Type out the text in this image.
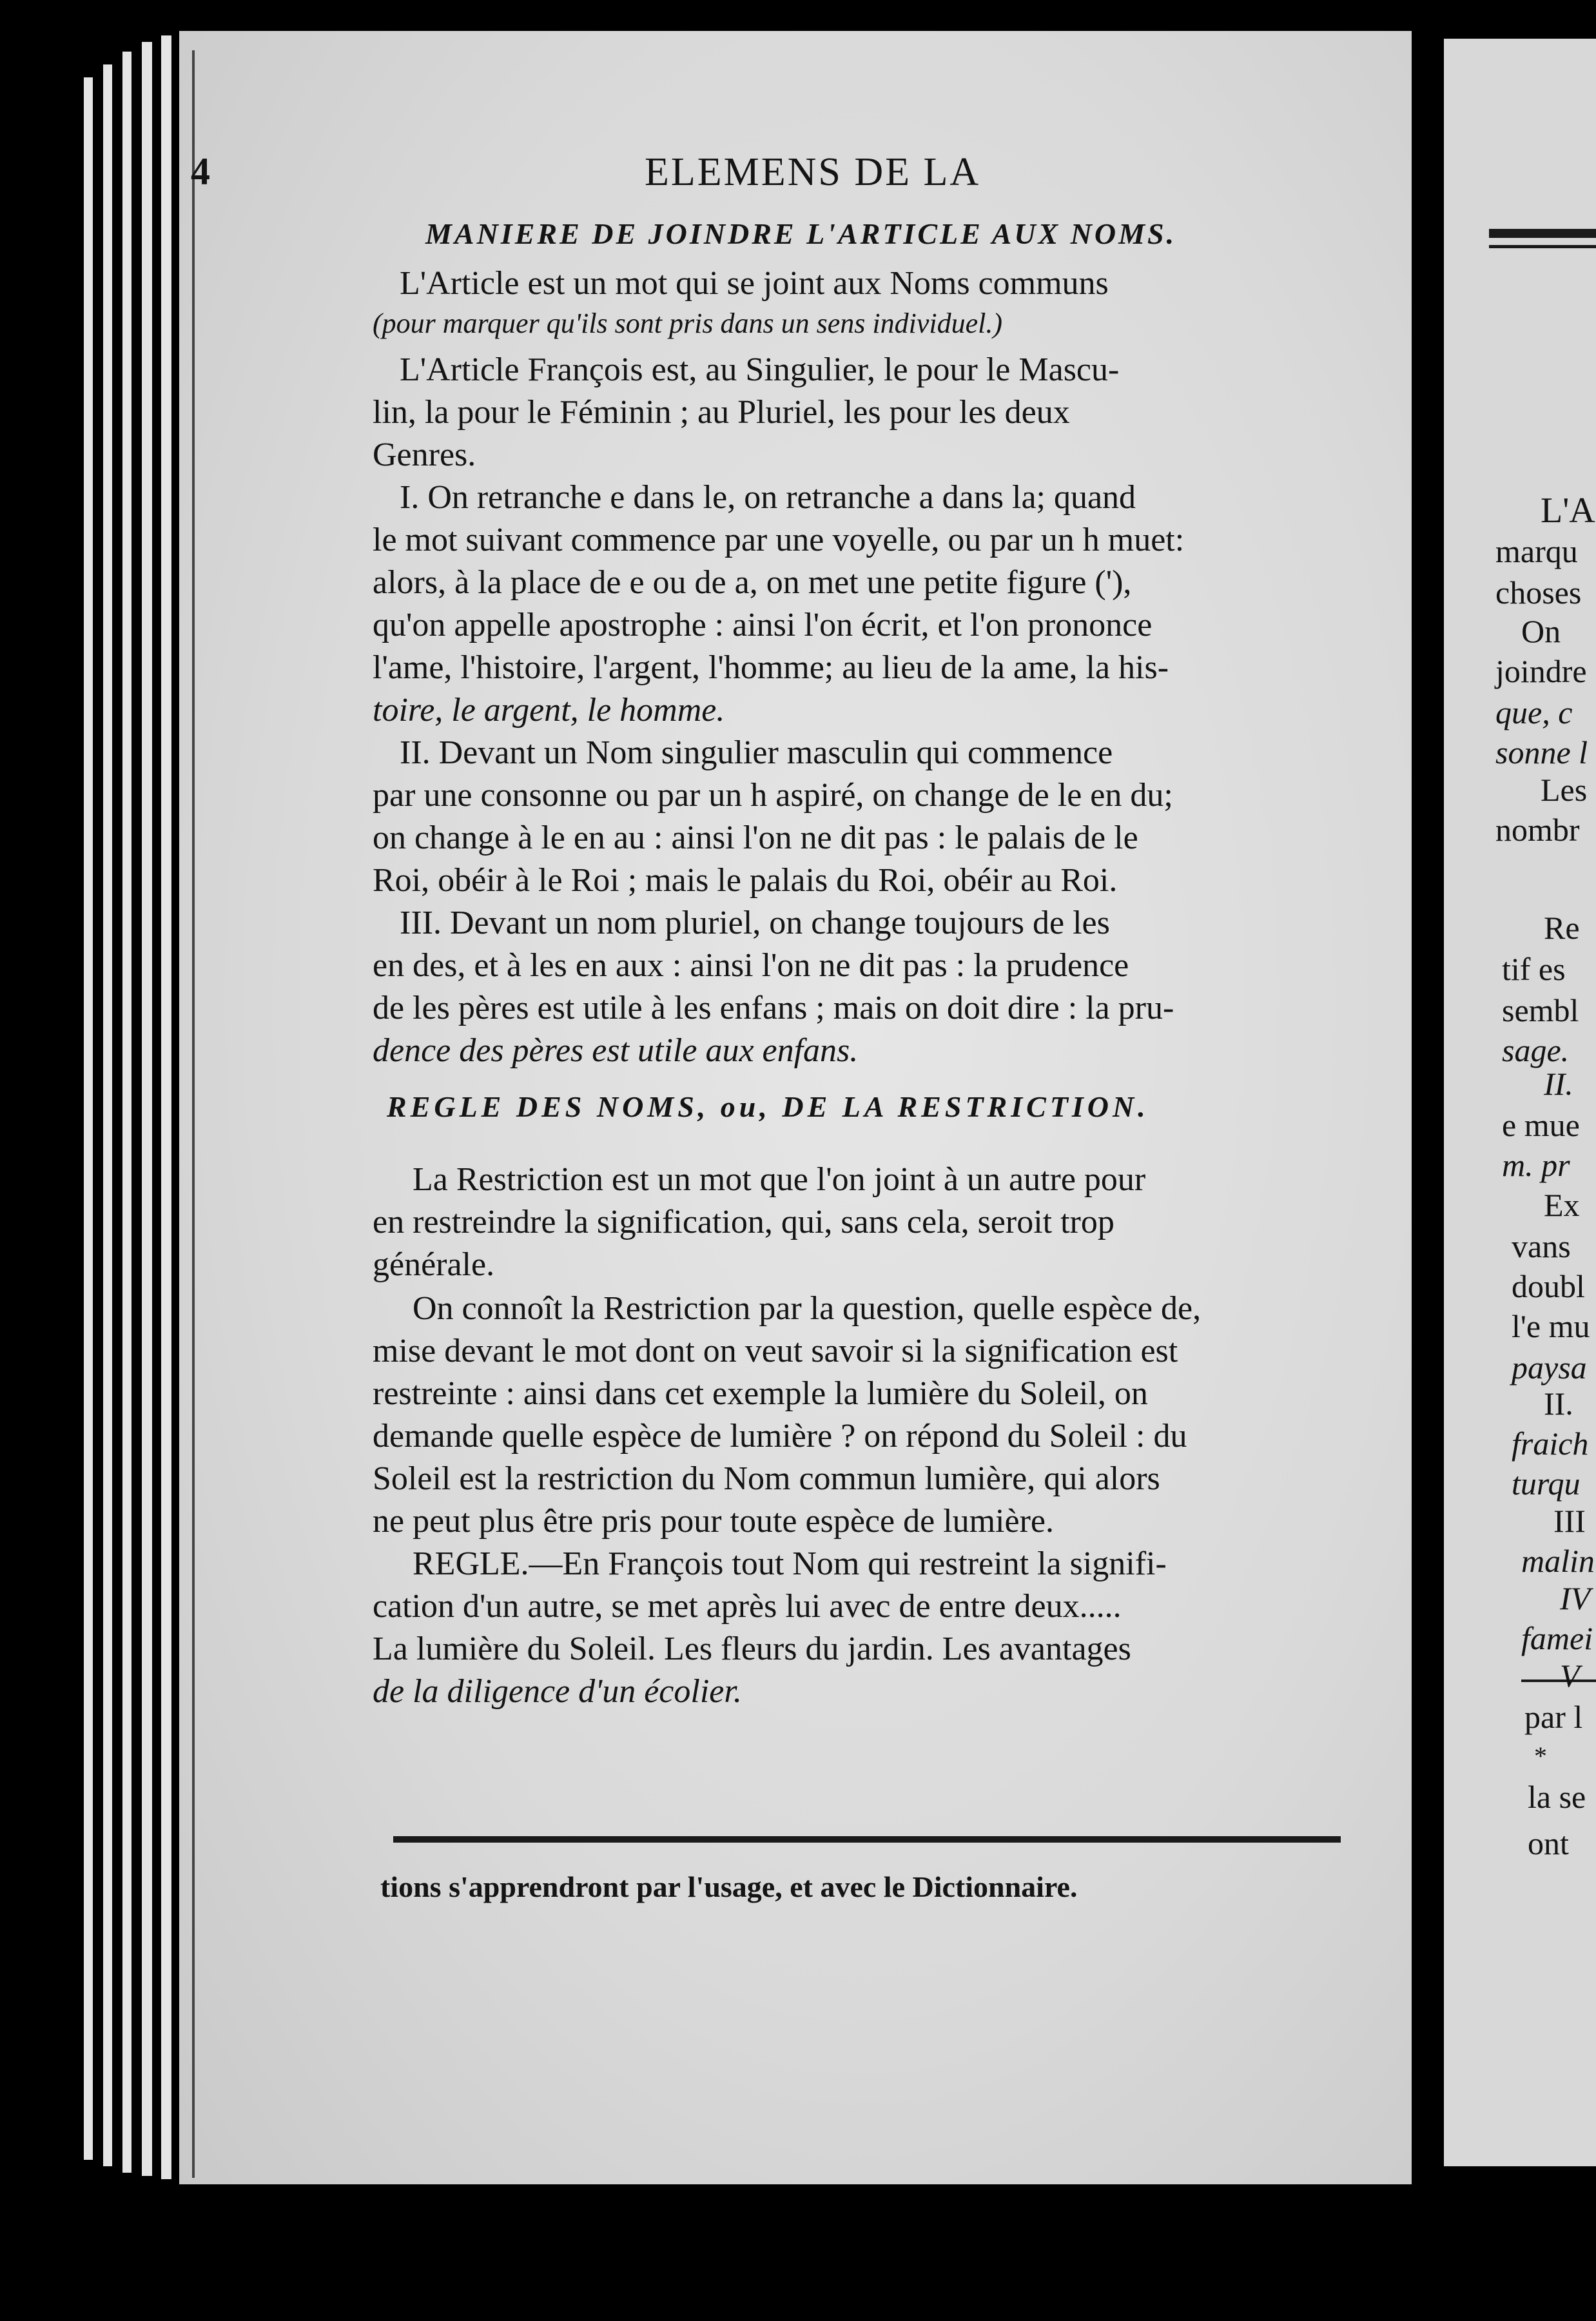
4	ELEMENS DE LA
MANIERE DE JOINDRE L'ARTICLE AUX NOMS.
L'Article est un mot qui se joint aux Noms communs
(pour marquer qu'ils sont pris dans un sens individuel.)
L'Article François est, au Singulier, le pour le Mascu-
lin, la pour le Féminin ; au Pluriel, les pour les deux
Genres.
I. On retranche e dans le, on retranche a dans la; quand
le mot suivant commence par une voyelle, ou par un h muet:
alors, à la place de e ou de a, on met une petite figure ('),
qu'on appelle apostrophe : ainsi l'on écrit, et l'on prononce
l'ame, l'histoire, l'argent, l'homme; au lieu de la ame, la his-
toire, le argent, le homme.
II. Devant un Nom singulier masculin qui commence
par une consonne ou par un h aspiré, on change de le en du;
on change à le en au : ainsi l'on ne dit pas : le palais de le
Roi, obéir à le Roi ; mais le palais du Roi, obéir au Roi.
III. Devant un nom pluriel, on change toujours de les
en des, et à les en aux : ainsi l'on ne dit pas : la prudence
de les pères est utile à les enfans ; mais on doit dire : la pru-
dence des pères est utile aux enfans.
REGLE DES NOMS, ou, DE LA RESTRICTION.
La Restriction est un mot que l'on joint à un autre pour
en restreindre la signification, qui, sans cela, seroit trop
générale.
On connoît la Restriction par la question, quelle espèce de,
mise devant le mot dont on veut savoir si la signification est
restreinte : ainsi dans cet exemple la lumière du Soleil, on
demande quelle espèce de lumière ? on répond du Soleil : du
Soleil est la restriction du Nom commun lumière, qui alors
ne peut plus être pris pour toute espèce de lumière.
REGLE.—En François tout Nom qui restreint la signifi-
cation d'un autre, se met après lui avec de entre deux.....
La lumière du Soleil. Les fleurs du jardin. Les avantages
de la diligence d'un écolier.
tions s'apprendront par l'usage, et avec le Dictionnaire.
L'A
marqu
choses
On
joindre
que, c
sonne l
Les
nombr
Re
tif es
sembl
sage.
II.
e mue
m. pr
Ex
vans
doubl
l'e mu
paysa
II.
fraich
turqu
III
malin
IV
famei
V
par l
*
la se
ont
